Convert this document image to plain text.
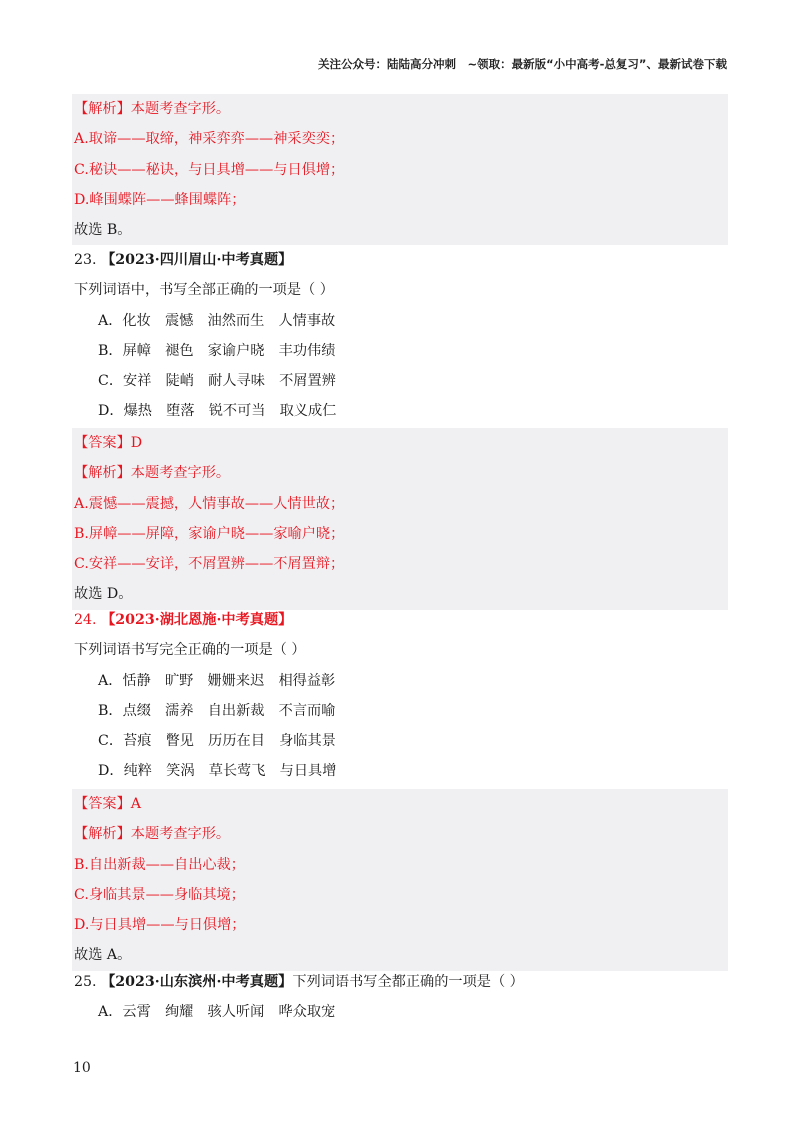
关注公众号：陆陆高分冲刺　~领取：最新版“小中高考-总复习”、最新试卷下载
【解析】本题考查字形。
A.取谛——取缔，神采弈弈——神采奕奕；
C.秘诀——秘诀，与日具增——与日俱增；
D.峰围蝶阵——蜂围蝶阵；
故选 B。
23. 【2023·四川眉山·中考真题】
下列词语中，书写全部正确的一项是（ ）
A．化妆　震憾　油然而生　人情事故
B．屏幛　褪色　家谕户晓　丰功伟绩
C．安祥　陡峭　耐人寻味　不屑置辨
D．爆热　堕落　锐不可当　取义成仁
【答案】D
【解析】本题考查字形。
A.震憾——震撼，人情事故——人情世故；
B.屏幛——屏障，家谕户晓——家喻户晓；
C.安祥——安详，不屑置辨——不屑置辩；
故选 D。
24. 【2023·湖北恩施·中考真题】
下列词语书写完全正确的一项是（ ）
A．恬静　旷野　姗姗来迟　相得益彰
B．点缀　濡养　自出新裁　不言而喻
C．苔痕　瞥见　历历在目　身临其景
D．纯粹　笑涡　草长莺飞　与日具增
【答案】A
【解析】本题考查字形。
B.自出新裁——自出心裁；
C.身临其景——身临其境；
D.与日具增——与日俱增；
故选 A。
25. 【2023·山东滨州·中考真题】下列词语书写全都正确的一项是（ ）
A．云霄　绚耀　骇人听闻　哗众取宠
10
